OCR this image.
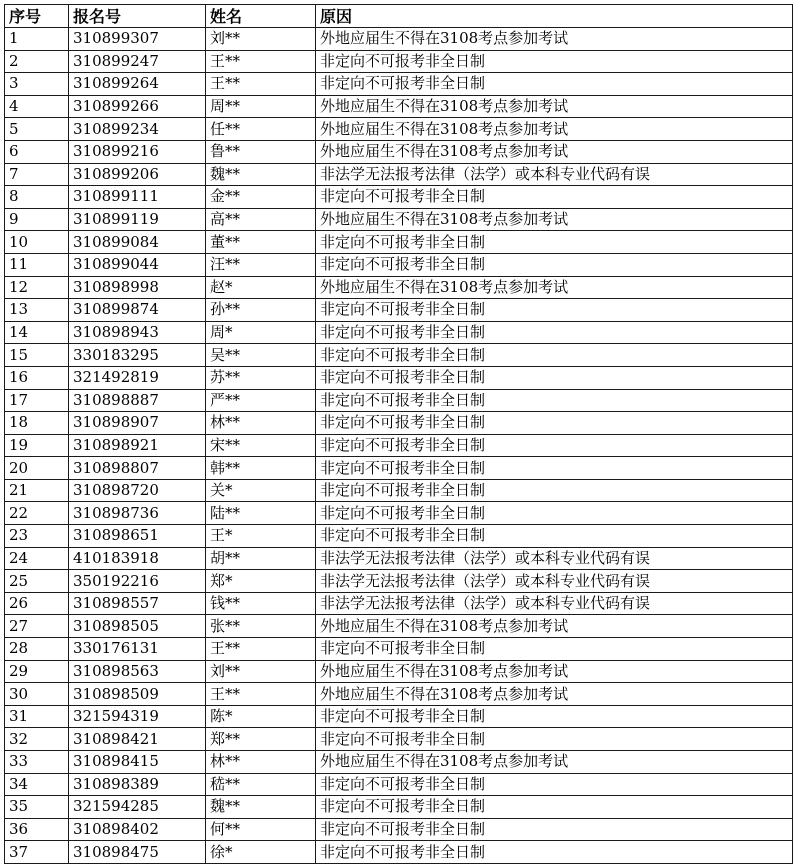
序号	报名号	姓名	原因
1	310899307	刘**	外地应届生不得在3108考点参加考试
2	310899247	王**	非定向不可报考非全日制
3	310899264	王**	非定向不可报考非全日制
4	310899266	周**	外地应届生不得在3108考点参加考试
5	310899234	任**	外地应届生不得在3108考点参加考试
6	310899216	鲁**	外地应届生不得在3108考点参加考试
7	310899206	魏**	非法学无法报考法律（法学）或本科专业代码有误
8	310899111	金**	非定向不可报考非全日制
9	310899119	高**	外地应届生不得在3108考点参加考试
10	310899084	董**	非定向不可报考非全日制
11	310899044	汪**	非定向不可报考非全日制
12	310898998	赵*	外地应届生不得在3108考点参加考试
13	310899874	孙**	非定向不可报考非全日制
14	310898943	周*	非定向不可报考非全日制
15	330183295	吴**	非定向不可报考非全日制
16	321492819	苏**	非定向不可报考非全日制
17	310898887	严**	非定向不可报考非全日制
18	310898907	林**	非定向不可报考非全日制
19	310898921	宋**	非定向不可报考非全日制
20	310898807	韩**	非定向不可报考非全日制
21	310898720	关*	非定向不可报考非全日制
22	310898736	陆**	非定向不可报考非全日制
23	310898651	王*	非定向不可报考非全日制
24	410183918	胡**	非法学无法报考法律（法学）或本科专业代码有误
25	350192216	郑*	非法学无法报考法律（法学）或本科专业代码有误
26	310898557	钱**	非法学无法报考法律（法学）或本科专业代码有误
27	310898505	张**	外地应届生不得在3108考点参加考试
28	330176131	王**	非定向不可报考非全日制
29	310898563	刘**	外地应届生不得在3108考点参加考试
30	310898509	王**	外地应届生不得在3108考点参加考试
31	321594319	陈*	非定向不可报考非全日制
32	310898421	郑**	非定向不可报考非全日制
33	310898415	林**	外地应届生不得在3108考点参加考试
34	310898389	嵇**	非定向不可报考非全日制
35	321594285	魏**	非定向不可报考非全日制
36	310898402	何**	非定向不可报考非全日制
37	310898475	徐*	非定向不可报考非全日制
